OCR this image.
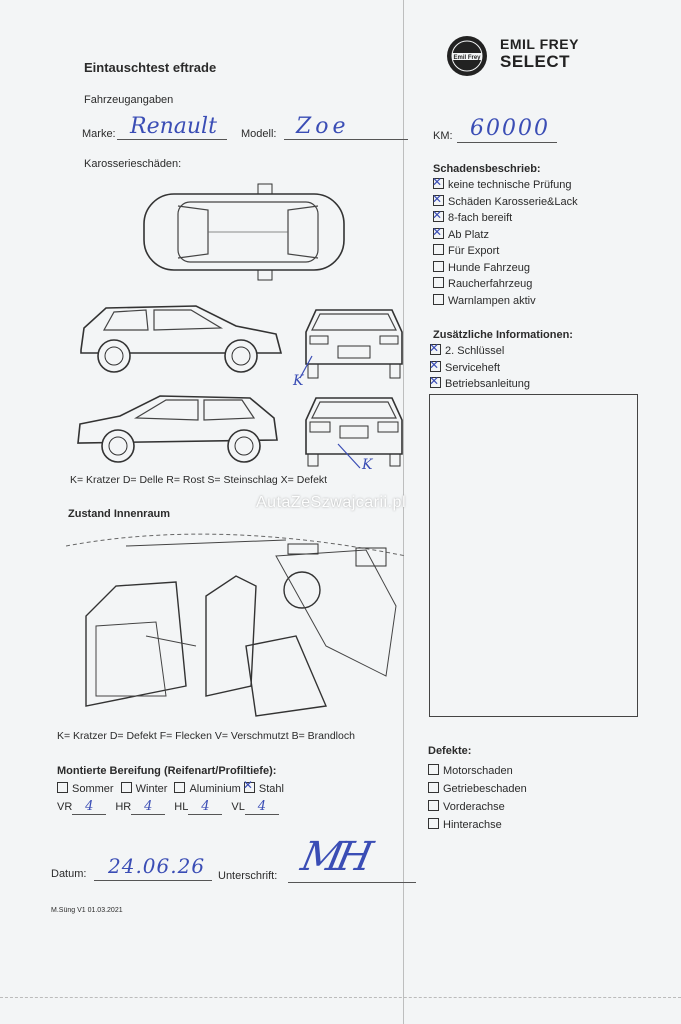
Eintauschtest eftrade
Emil Frey
EMIL FREY
SELECT
Fahrzeugangaben
Marke: Renault Modell: Zoe	KM: 60000
Karosserieschäden:
K
K
K= Kratzer D= Delle R= Rost S= Steinschlag X= Defekt
AutaZeSzwajcarii.pl
Zustand Innenraum
K= Kratzer D= Defekt F= Flecken V= Verschmutzt B= Brandloch
Montierte Bereifung (Reifenart/Profiltiefe):
Sommer Winter Aluminium ✕ Stahl
VR 4 HR 4 HL 4 VL 4
Datum: 24.06.26 Unterschrift: MH
M.Süng V1 01.03.2021
Schadensbeschrieb:
✕keine technische Prüfung
✕Schäden Karosserie&Lack
✕8-fach bereift
✕Ab Platz
Für Export
Hunde Fahrzeug
Raucherfahrzeug
Warnlampen aktiv
Zusätzliche Informationen:
✕2. Schlüssel
✕Serviceheft
✕Betriebsanleitung
Defekte:
Motorschaden
Getriebeschaden
Vorderachse
Hinterachse
